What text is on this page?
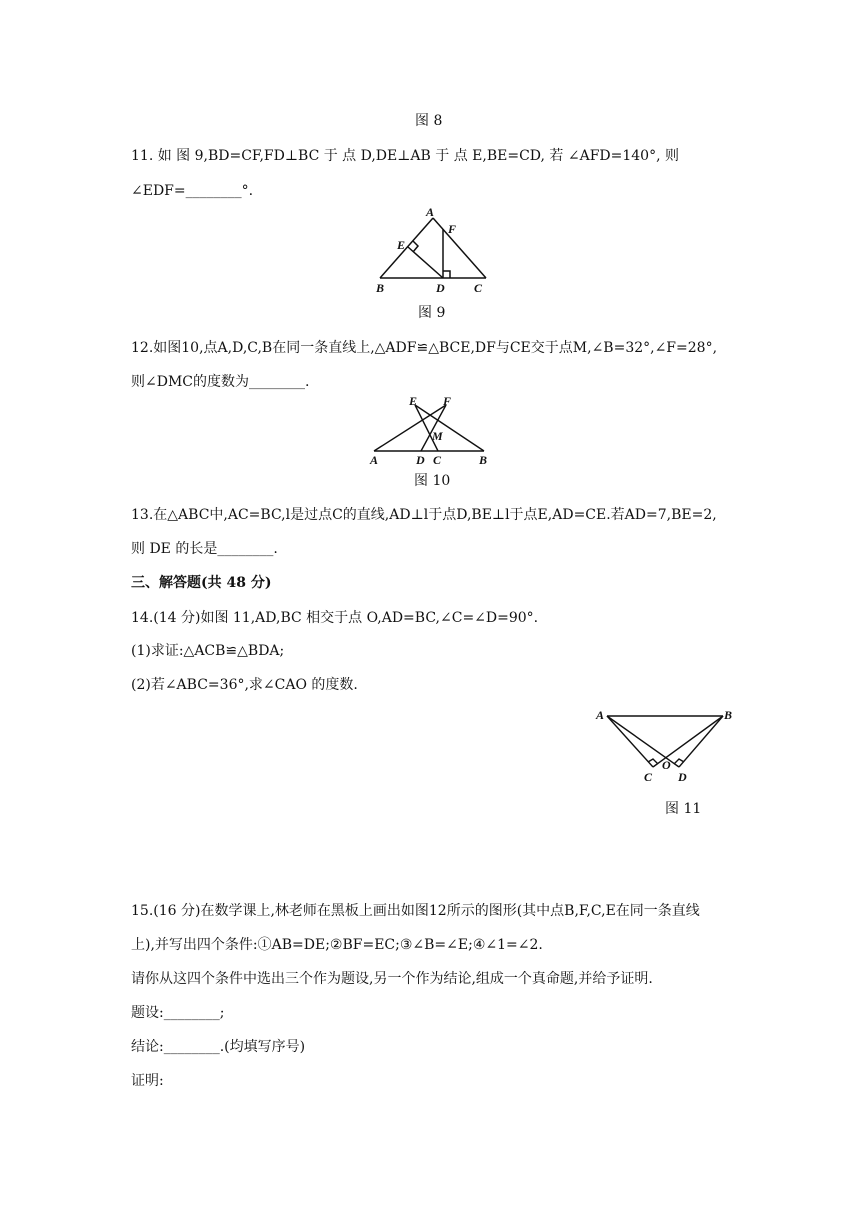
图 8
11. 如 图 9,BD=CF,FD⊥BC 于 点 D,DE⊥AB 于 点 E,BE=CD, 若 ∠AFD=140°, 则
∠EDF=________°.
A
F
E
B	D C
图 9
12.如图10,点A,D,C,B在同一条直线上,△ADF≌△BCE,DF与CE交于点M,∠B=32°,∠F=28°,
则∠DMC的度数为________.
E F
M
A	D C	B
图 10
13.在△ABC中,AC=BC,l是过点C的直线,AD⊥l于点D,BE⊥l于点E,AD=CE.若AD=7,BE=2,
则 DE 的长是________.
三、解答题(共 48 分)
14.(14 分)如图 11,AD,BC 相交于点 O,AD=BC,∠C=∠D=90°.
(1)求证:△ACB≌△BDA;
(2)若∠ABC=36°,求∠CAO 的度数.
A	B
O
C D
图 11
15.(16 分)在数学课上,林老师在黑板上画出如图12所示的图形(其中点B,F,C,E在同一条直线
上),并写出四个条件:①AB=DE;②BF=EC;③∠B=∠E;④∠1=∠2.
请你从这四个条件中选出三个作为题设,另一个作为结论,组成一个真命题,并给予证明.
题设:________;
结论:________.(均填写序号)
证明:
